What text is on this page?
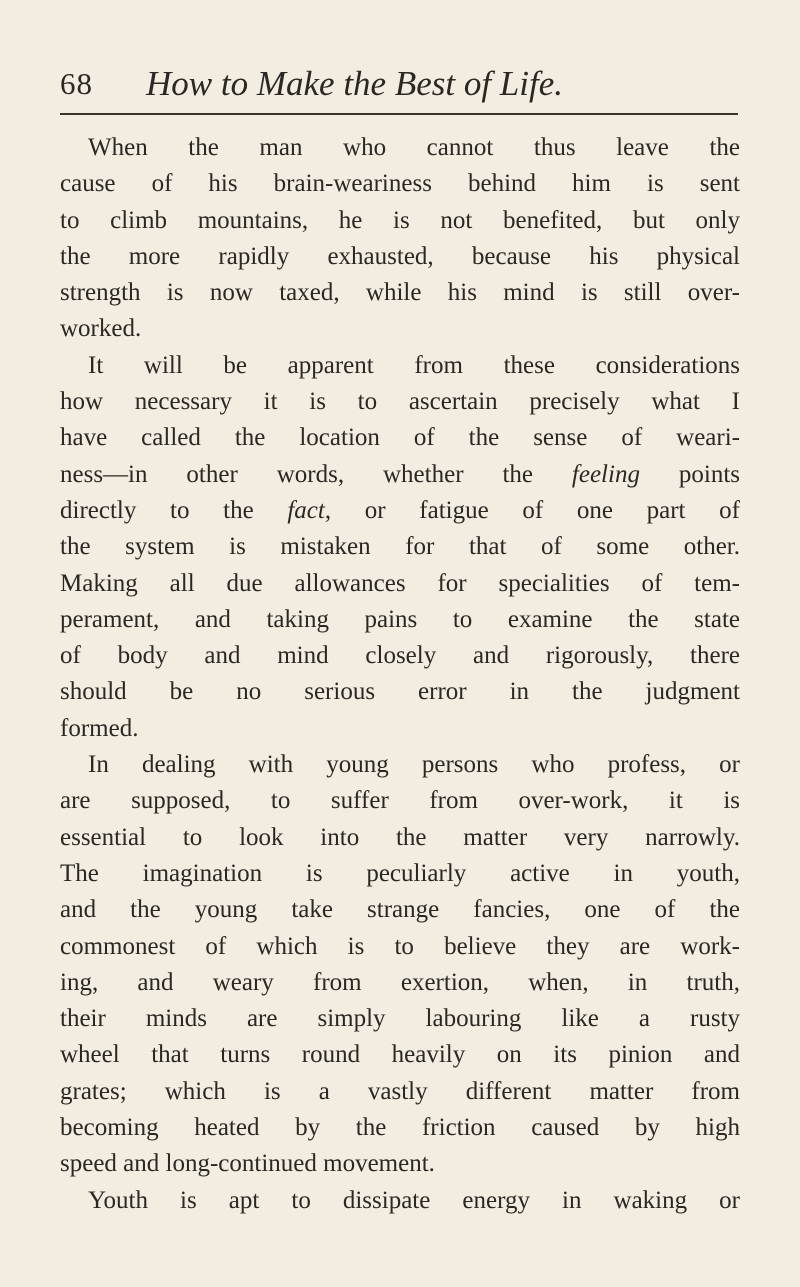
68 How to Make the Best of Life.
When the man who cannot thus leave the
cause of his brain-weariness behind him is sent
to climb mountains, he is not benefited, but only
the more rapidly exhausted, because his physical
strength is now taxed, while his mind is still over-
worked.
It will be apparent from these considerations
how necessary it is to ascertain precisely what I
have called the location of the sense of weari-
ness—in other words, whether the feeling points
directly to the fact, or fatigue of one part of
the system is mistaken for that of some other.
Making all due allowances for specialities of tem-
perament, and taking pains to examine the state
of body and mind closely and rigorously, there
should be no serious error in the judgment
formed.
In dealing with young persons who profess, or
are supposed, to suffer from over-work, it is
essential to look into the matter very narrowly.
The imagination is peculiarly active in youth,
and the young take strange fancies, one of the
commonest of which is to believe they are work-
ing, and weary from exertion, when, in truth,
their minds are simply labouring like a rusty
wheel that turns round heavily on its pinion and
grates; which is a vastly different matter from
becoming heated by the friction caused by high
speed and long-continued movement.
Youth is apt to dissipate energy in waking or
